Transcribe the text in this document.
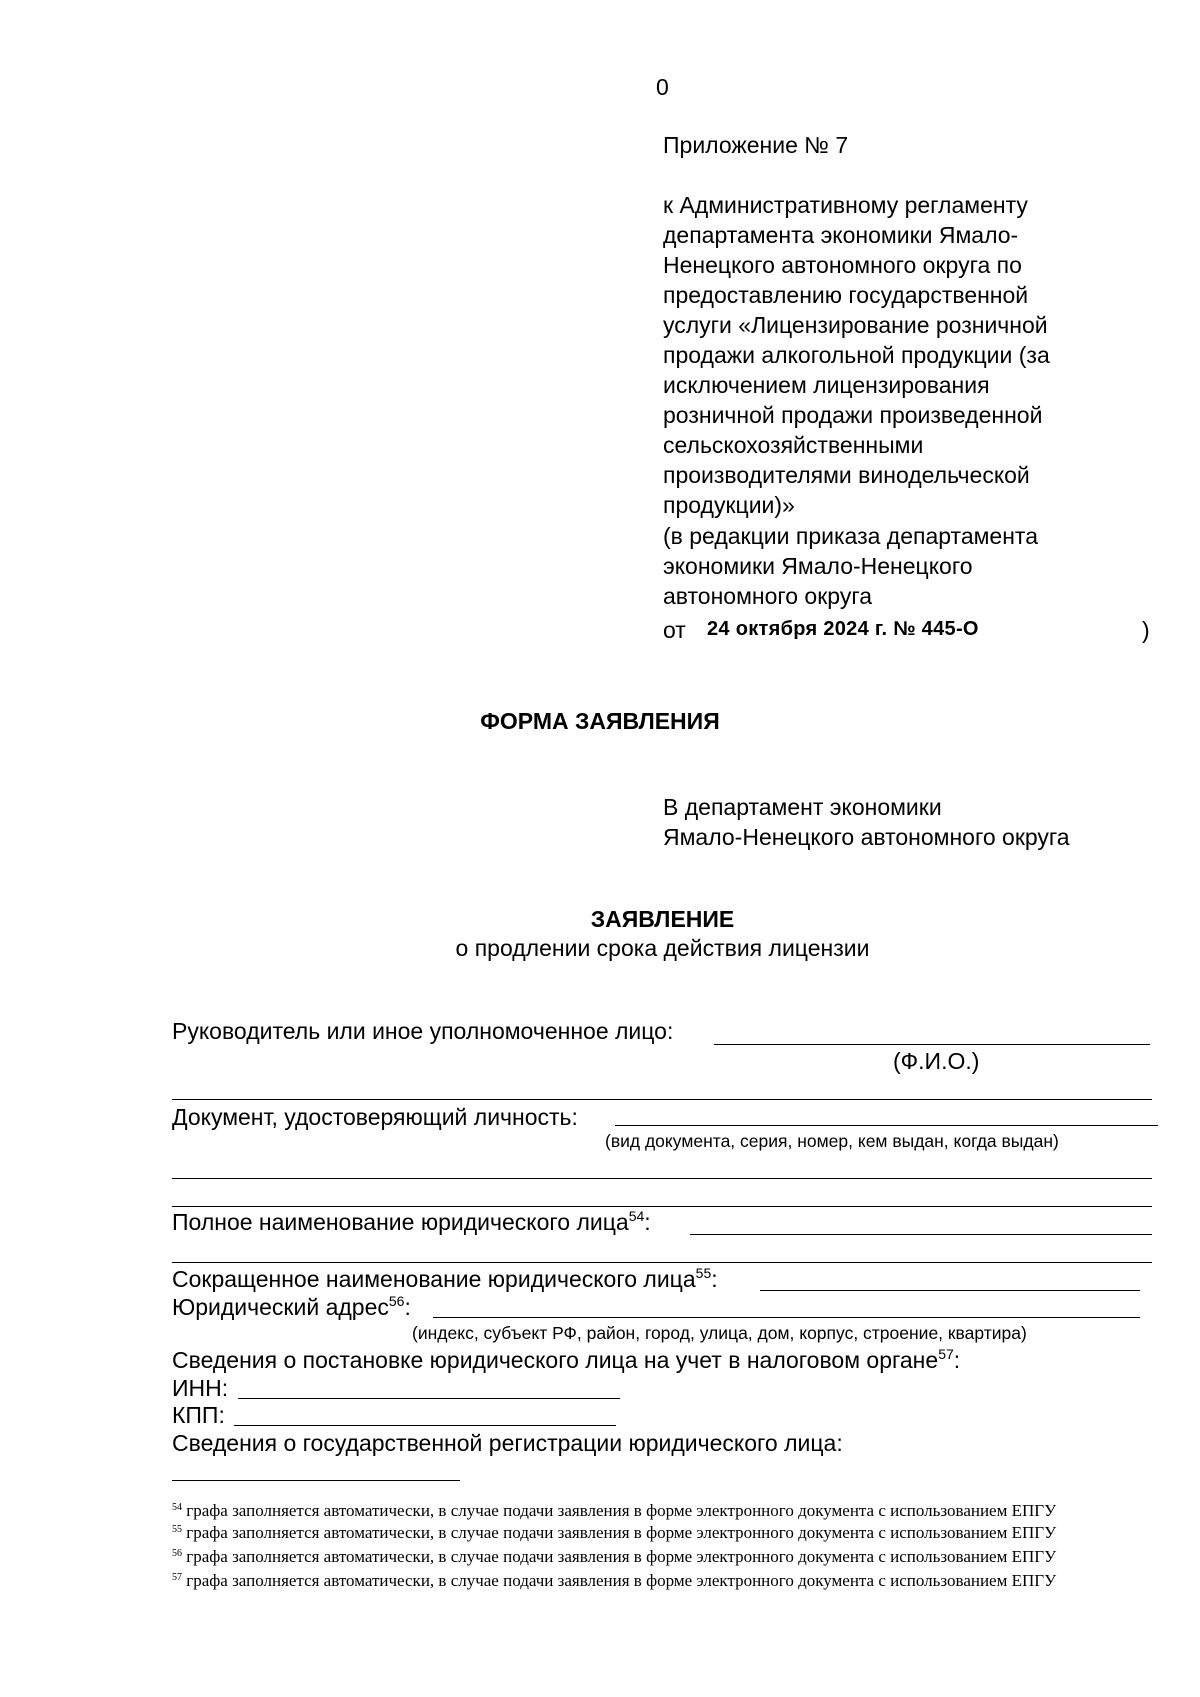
0
Приложение № 7
к Административному регламенту
департамента экономики Ямало-
Ненецкого автономного округа по
предоставлению государственной
услуги «Лицензирование розничной
продажи алкогольной продукции (за
исключением лицензирования
розничной продажи произведенной
сельскохозяйственными
производителями винодельческой
продукции)»
(в редакции приказа департамента
экономики Ямало-Ненецкого
автономного округа
от 24 октября 2024 г. № 445-О	)
ФОРМА ЗАЯВЛЕНИЯ
В департамент экономики
Ямало-Ненецкого автономного округа
ЗАЯВЛЕНИЕ
о продлении срока действия лицензии
Руководитель или иное уполномоченное лицо:
(Ф.И.О.)
Документ, удостоверяющий личность:
(вид документа, серия, номер, кем выдан, когда выдан)
Полное наименование юридического лица$^{54}$:
Сокращенное наименование юридического лица$^{55}$:
Юридический адрес$^{56}$:
(индекс, субъект РФ, район, город, улица, дом, корпус, строение, квартира)
Сведения о постановке юридического лица на учет в налоговом органе$^{57}$:
ИНН:
КПП:
Сведения о государственной регистрации юридического лица:
$^{54}$ графа заполняется автоматически, в случае подачи заявления в форме электронного документа с использованием ЕПГУ
$^{55}$ графа заполняется автоматически, в случае подачи заявления в форме электронного документа с использованием ЕПГУ
$^{56}$ графа заполняется автоматически, в случае подачи заявления в форме электронного документа с использованием ЕПГУ
$^{57}$ графа заполняется автоматически, в случае подачи заявления в форме электронного документа с использованием ЕПГУ
